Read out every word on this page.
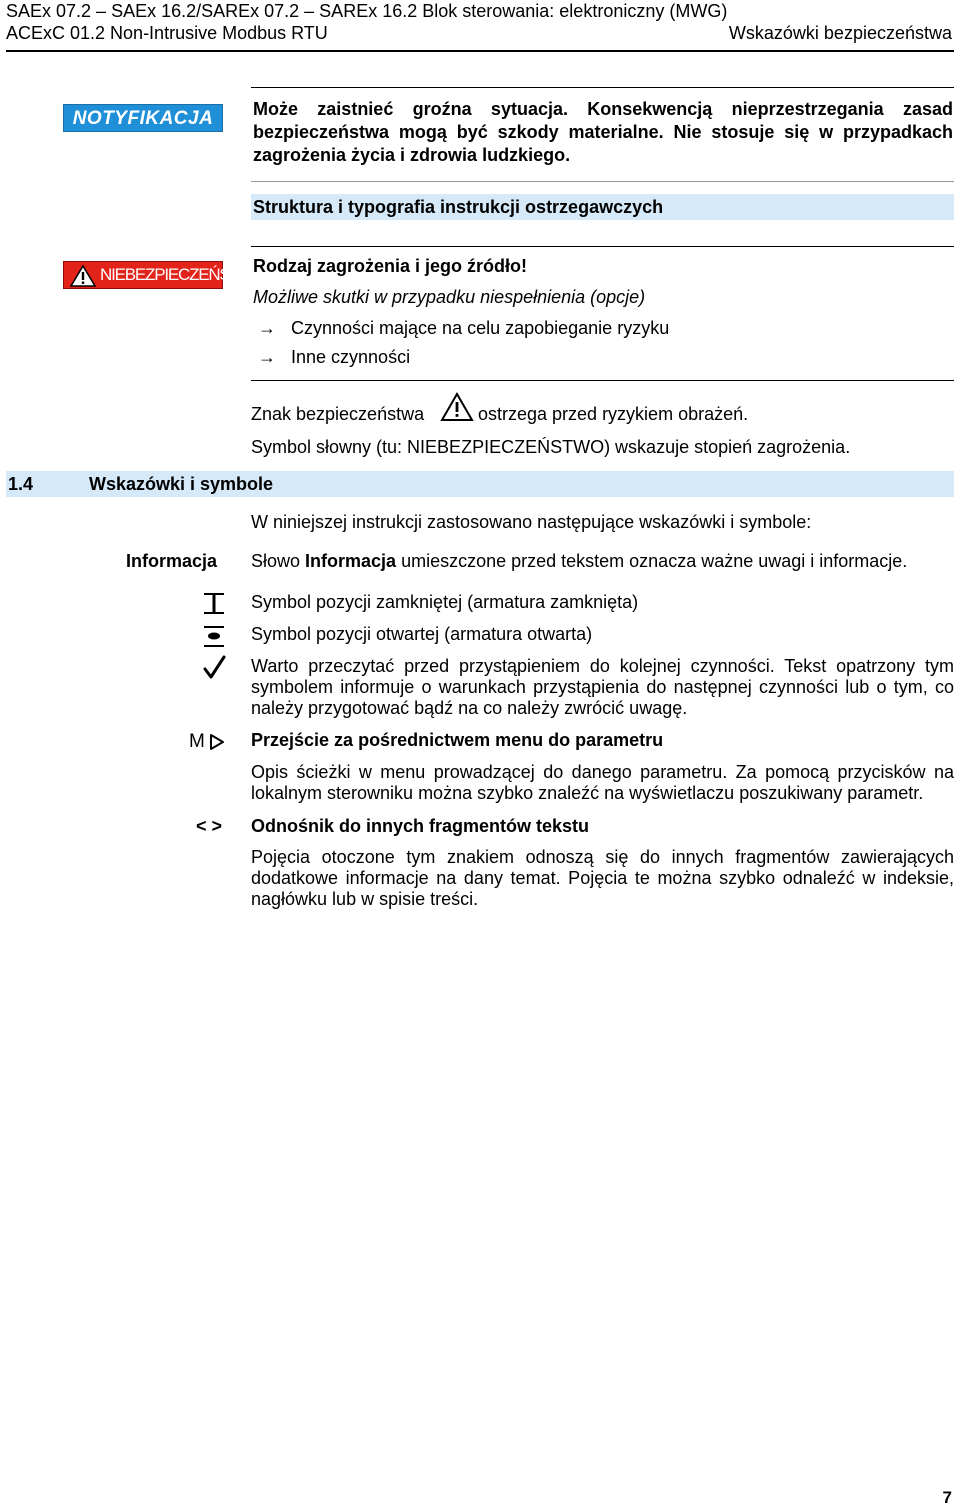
SAEx 07.2 – SAEx 16.2/SAREx 07.2 – SAREx 16.2 Blok sterowania: elektroniczny (MWG)
ACExC 01.2 Non-Intrusive Modbus RTU	Wskazówki bezpieczeństwa
NOTYFIKACJA	Może zaistnieć groźna sytuacja. Konsekwencją nieprzestrzegania zasad bezpieczeństwa mogą być szkody materialne. Nie stosuje się w przypadkach zagrożenia życia i zdrowia ludzkiego.
Struktura i typografia instrukcji ostrzegawczych
NIEBEZPIECZEŃSTWO
Rodzaj zagrożenia i jego źródło!
Możliwe skutki w przypadku niespełnienia (opcje)
→ Czynności mające na celu zapobieganie ryzyku
→ Inne czynności
Znak bezpieczeństwa	ostrzega przed ryzykiem obrażeń.
Symbol słowny (tu: NIEBEZPIECZEŃSTWO) wskazuje stopień zagrożenia.
1.4	Wskazówki i symbole
W niniejszej instrukcji zastosowano następujące wskazówki i symbole:
Informacja Słowo Informacja umieszczone przed tekstem oznacza ważne uwagi i informacje.
Symbol pozycji zamkniętej (armatura zamknięta)
Symbol pozycji otwartej (armatura otwarta)
Warto przeczytać przed przystąpieniem do kolejnej czynności. Tekst opatrzony tym symbolem informuje o warunkach przystąpienia do następnej czynności lub o tym, co należy przygotować bądź na co należy zwrócić uwagę.
M	Przejście za pośrednictwem menu do parametru
Opis ścieżki w menu prowadzącej do danego parametru. Za pomocą przycisków na lokalnym sterowniku można szybko znaleźć na wyświetlaczu poszukiwany parametr.
< > Odnośnik do innych fragmentów tekstu
Pojęcia otoczone tym znakiem odnoszą się do innych fragmentów zawierających dodatkowe informacje na dany temat. Pojęcia te można szybko odnaleźć w indeksie, nagłówku lub w spisie treści.
7
